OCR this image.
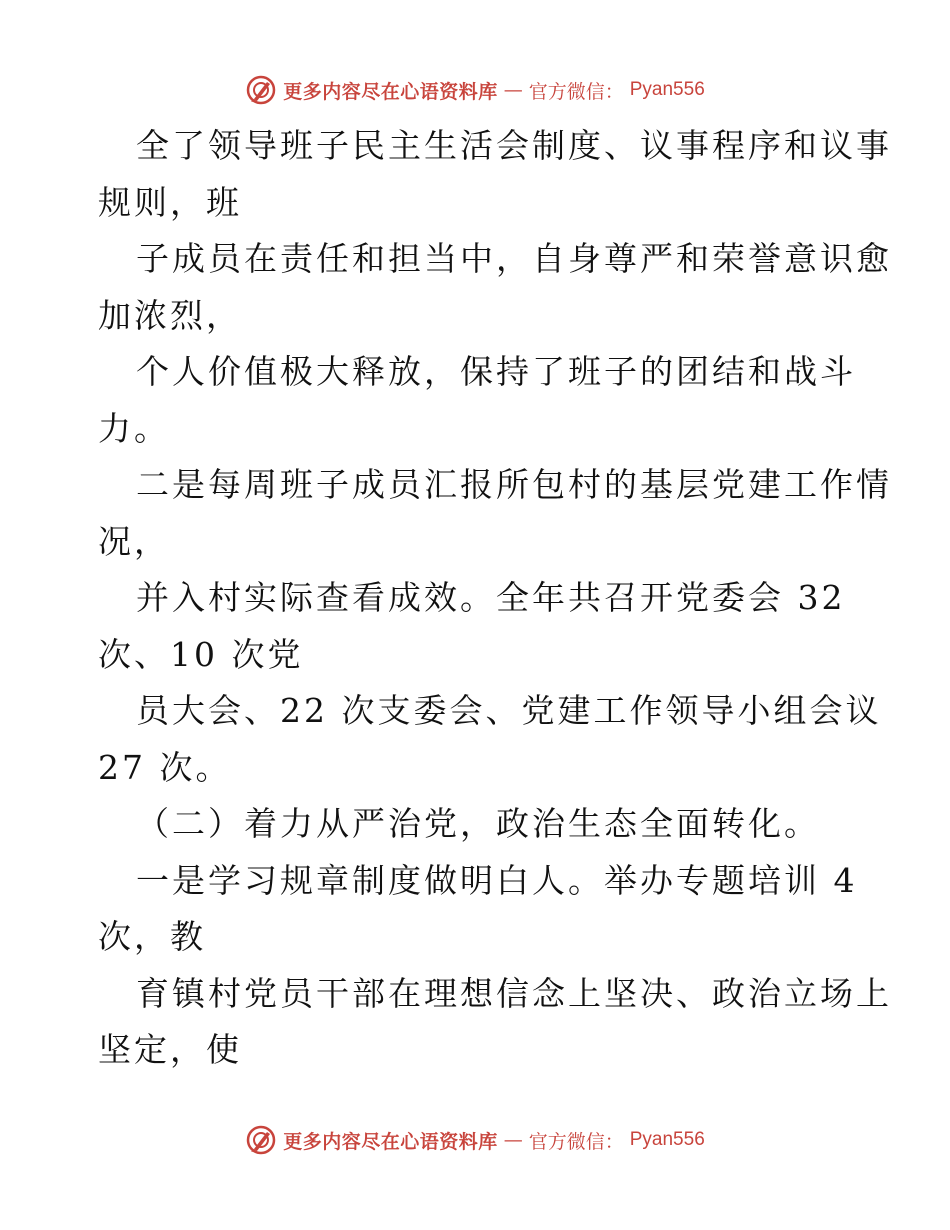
更多内容尽在心语资料库 — 官方微信： Pyan556
全了领导班子民主生活会制度、议事程序和议事
规则，班
子成员在责任和担当中，自身尊严和荣誉意识愈
加浓烈，
个人价值极大释放，保持了班子的团结和战斗
力。
二是每周班子成员汇报所包村的基层党建工作情
况，
并入村实际查看成效。全年共召开党委会 32
次、10 次党
员大会、22 次支委会、党建工作领导小组会议
27 次。
（二）着力从严治党，政治生态全面转化。
一是学习规章制度做明白人。举办专题培训 4
次，教
育镇村党员干部在理想信念上坚决、政治立场上
坚定，使
更多内容尽在心语资料库 — 官方微信： Pyan556
